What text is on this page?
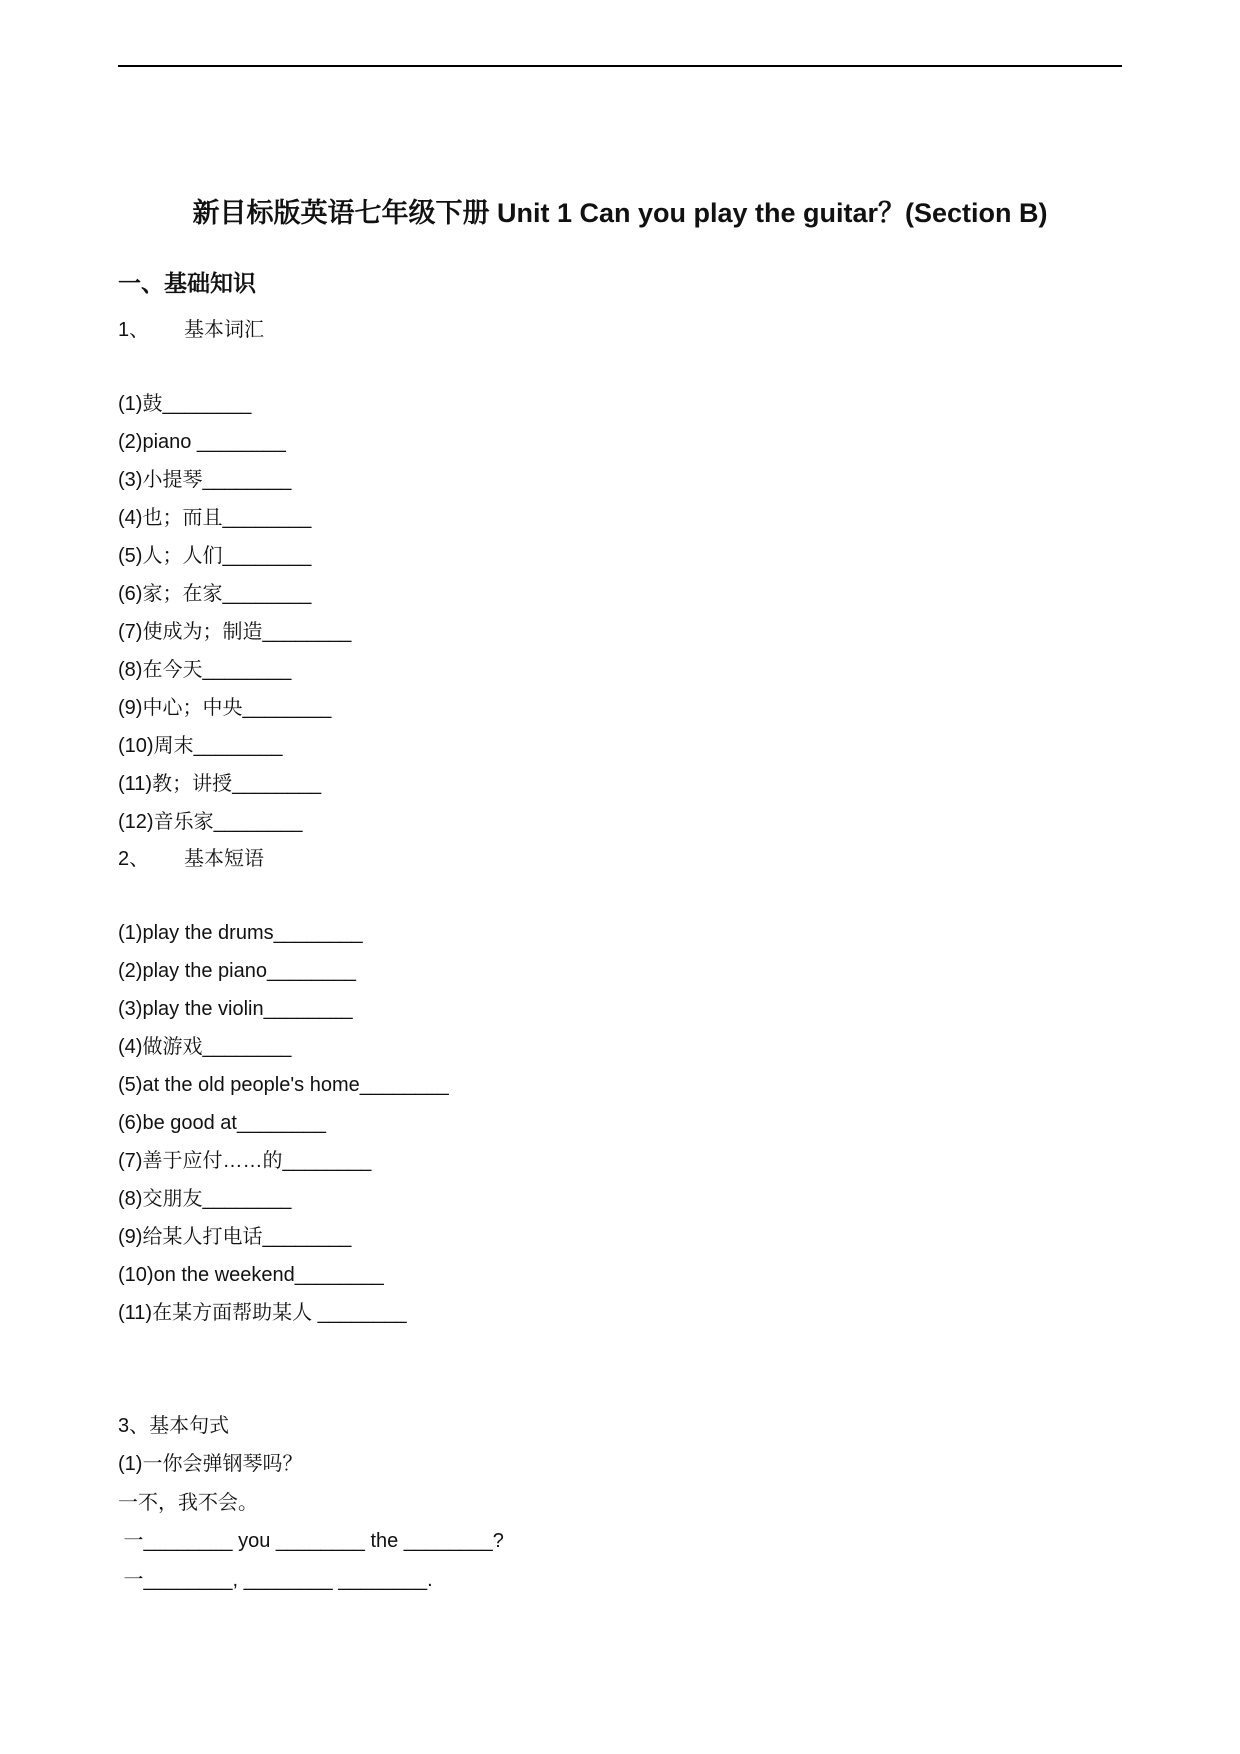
新目标版英语七年级下册 Unit 1 Can you play the guitar？(Section B)
一、基础知识
1、 基本词汇
(1)鼓________
(2)piano ________
(3)小提琴________
(4)也；而且________
(5)人；人们________
(6)家；在家________
(7)使成为；制造________
(8)在今天________
(9)中心；中央________
(10)周末________
(11)教；讲授________
(12)音乐家________
2、 基本短语
(1)play the drums________
(2)play the piano________
(3)play the violin________
(4)做游戏________
(5)at the old people's home________
(6)be good at________
(7)善于应付……的________
(8)交朋友________
(9)给某人打电话________
(10)on the weekend________
(11)在某方面帮助某人 ________
3、基本句式
(1)一你会弹钢琴吗？
一不，我不会。
一________ you ________ the ________?
一________, ________ ________.
